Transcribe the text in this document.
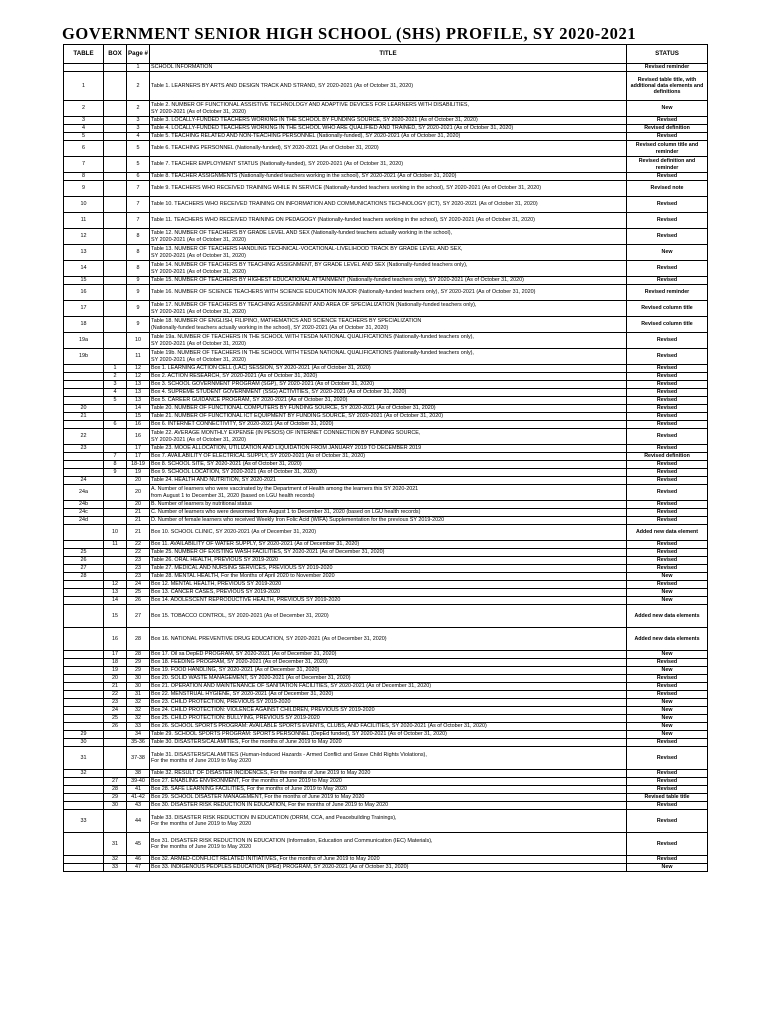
GOVERNMENT SENIOR HIGH SCHOOL (SHS) PROFILE, SY 2020-2021
TABLE	BOX	Page #	TITLE	STATUS
		1	SCHOOL INFORMATION	Revised reminder
1		2	Table 1. LEARNERS BY ARTS AND DESIGN TRACK AND STRAND, SY 2020-2021 (As of October 31, 2020)	Revised table title, with additional data elements and definitions
2		2	Table 2. NUMBER OF FUNCTIONAL ASSISTIVE TECHNOLOGY AND ADAPTIVE DEVICES FOR LEARNERS WITH DISABILITIES,
SY 2020-2021 (As of October 31, 2020)	New
3		3	Table 3. LOCALLY-FUNDED TEACHERS WORKING IN THE SCHOOL BY FUNDING SOURCE, SY 2020-2021 (As of October 31, 2020)	Revised
4		3	Table 4. LOCALLY-FUNDED TEACHERS WORKING IN THE SCHOOL WHO ARE QUALIFIED AND TRAINED, SY 2020-2021 (As of October 31, 2020)	Revised definition
5		4	Table 5. TEACHING RELATED AND NON-TEACHING PERSONNEL (Nationally-funded), SY 2020-2021 (As of October 31, 2020)	Revised
6		5	Table 6. TEACHING PERSONNEL (Nationally-funded), SY 2020-2021 (As of October 31, 2020)	Revised column title and reminder
7		5	Table 7. TEACHER EMPLOYMENT STATUS (Nationally-funded), SY 2020-2021 (As of October 31, 2020)	Revised definition and reminder
8		6	Table 8. TEACHER ASSIGNMENTS (Nationally-funded teachers working in the school), SY 2020-2021 (As of October 31, 2020)	Revised
9		7	Table 9. TEACHERS WHO RECEIVED TRAINING WHILE IN SERVICE (Nationally-funded teachers working in the school), SY 2020-2021 (As of October 31, 2020)	Revised note
10		7	Table 10. TEACHERS WHO RECEIVED TRAINING ON INFORMATION AND COMMUNICATIONS TECHNOLOGY (ICT), SY 2020-2021 (As of October 31, 2020)	Revised
11		7	Table 11. TEACHERS WHO RECEIVED TRAINING ON PEDAGOGY (Nationally-funded teachers working in the school), SY 2020-2021 (As of October 31, 2020)	Revised
12		8	Table 12. NUMBER OF TEACHERS BY GRADE LEVEL AND SEX (Nationally-funded teachers actually working in the school),
SY 2020-2021 (As of October 31, 2020)	Revised
13		8	Table 13. NUMBER OF TEACHERS HANDLING TECHNICAL-VOCATIONAL-LIVELIHOOD TRACK BY GRADE LEVEL AND SEX,
SY 2020-2021 (As of October 31, 2020)	New
14		8	Table 14. NUMBER OF TEACHERS BY TEACHING ASSIGNMENT, BY GRADE LEVEL AND SEX (Nationally-funded teachers only),
SY 2020-2021 (As of October 31, 2020)	Revised
15		9	Table 15. NUMBER OF TEACHERS BY HIGHEST EDUCATIONAL ATTAINMENT (Nationally-funded teachers only), SY 2020-2021 (As of October 31, 2020)	Revised
16		9	Table 16. NUMBER OF SCIENCE TEACHERS WITH SCIENCE EDUCATION MAJOR (Nationally-funded teachers only), SY 2020-2021 (As of October 31, 2020)	Revised reminder
17		9	Table 17. NUMBER OF TEACHERS BY TEACHING ASSIGNMENT AND AREA OF SPECIALIZATION (Nationally-funded teachers only),
SY 2020-2021 (As of October 31, 2020)	Revised column title
18		9	Table 18. NUMBER OF ENGLISH, FILIPINO, MATHEMATICS AND SCIENCE TEACHERS BY SPECIALIZATION
(Nationally-funded teachers actually working in the school), SY 2020-2021 (As of October 31, 2020)	Revised column title
19a		10	Table 19a. NUMBER OF TEACHERS IN THE SCHOOL WITH TESDA NATIONAL QUALIFICATIONS (Nationally-funded teachers only),
SY 2020-2021 (As of October 31, 2020)	Revised
19b		11	Table 19b. NUMBER OF TEACHERS IN THE SCHOOL WITH TESDA NATIONAL QUALIFICATIONS (Nationally-funded teachers only),
SY 2020-2021 (As of October 31, 2020)	Revised
	1	12	Box 1. LEARNING ACTION CELL (LAC) SESSION, SY 2020-2021 (As of October 31, 2020)	Revised
	2	12	Box 2. ACTION RESEARCH, SY 2020-2021 (As of October 31, 2020)	Revised
	3	13	Box 3. SCHOOL GOVERNMENT PROGRAM (SGP), SY 2020-2021 (As of October 31, 2020)	Revised
	4	13	Box 4. SUPREME STUDENT GOVERNMENT (SSG) ACTIVITIES, SY 2020-2021 (As of October 31, 2020)	Revised
	5	13	Box 5. CAREER GUIDANCE PROGRAM, SY 2020-2021 (As of October 31, 2020)	Revised
20		14	Table 20. NUMBER OF FUNCTIONAL COMPUTERS BY FUNDING SOURCE, SY 2020-2021 (As of October 31, 2020)	Revised
21		15	Table 21. NUMBER OF FUNCTIONAL ICT EQUIPMENT BY FUNDING SOURCE, SY 2020-2021 (As of October 31, 2020)	Revised
	6	16	Box 6. INTERNET CONNECTIVITY, SY 2020-2021 (As of October 31, 2020)	Revised
22		16	Table 22. AVERAGE MONTHLY EXPENSE (IN PESOS) OF INTERNET CONNECTION BY FUNDING SOURCE,
SY 2020-2021 (As of October 31, 2020)	Revised
23		17	Table 23. MOOE ALLOCATION, UTILIZATION AND LIQUIDATION FROM JANUARY 2019 TO DECEMBER 2019	Revised
	7	17	Box 7. AVAILABILITY OF ELECTRICAL SUPPLY, SY 2020-2021 (As of October 31, 2020)	Revised definition
	8	18-19	Box 8. SCHOOL SITE, SY 2020-2021 (As of October 31, 2020)	Revised
	9	19	Box 9. SCHOOL LOCATION, SY 2020-2021 (As of October 31, 2020)	Revised
24		20	Table 24. HEALTH AND NUTRITION, SY 2020-2021	Revised
24a		20	A. Number of learners who were vaccinated by the Department of Health among the learners this SY 2020-2021
from August 1 to December 31, 2020 (based on LGU health records)	Revised
24b		20	B. Number of learners by nutritional status	Revised
24c		21	C. Number of learners who were dewormed from August 1 to December 31, 2020 (based on LGU health records)	Revised
24d		21	D. Number of female learners who received Weekly Iron Folic Acid (WIFA) Supplementation for the previous SY 2019-2020	Revised
	10	21	Box 10. SCHOOL CLINIC, SY 2020-2021 (As of December 31, 2020)	Added new data element
	11	22	Box 11. AVAILABILITY OF WATER SUPPLY, SY 2020-2021 (As of December 31, 2020)	Revised
25		22	Table 25. NUMBER OF EXISTING WASH FACILITIES, SY 2020-2021 (As of December 31, 2020)	Revised
26		23	Table 26. ORAL HEALTH, PREVIOUS SY 2019-2020	Revised
27		23	Table 27. MEDICAL AND NURSING SERVICES, PREVIOUS SY 2019-2020	Revised
28		23	Table 28. MENTAL HEALTH, For the Months of April 2020 to November 2020	New
	12	24	Box 12. MENTAL HEALTH, PREVIOUS SY 2019-2020	Revised
	13	25	Box 13. CANCER CASES, PREVIOUS SY 2019-2020	New
	14	26	Box 14. ADOLESCENT REPRODUCTIVE HEALTH, PREVIOUS SY 2019-2020	New
	15	27	Box 15. TOBACCO CONTROL, SY 2020-2021 (As of December 31, 2020)	Added new data elements
	16	28	Box 16. NATIONAL PREVENTIVE DRUG EDUCATION, SY 2020-2021 (As of December 31, 2020)	Added new data elements
	17	28	Box 17. Oil sa DepED PROGRAM, SY 2020-2021 (As of December 31, 2020)	New
	18	29	Box 18. FEEDING PROGRAM, SY 2020-2021 (As of December 31, 2020)	Revised
	19	29	Box 19. FOOD HANDLING, SY 2020-2021 (As of December 31, 2020)	New
	20	30	Box 20. SOLID WASTE MANAGEMENT, SY 2020-2021 (As of December 31, 2020)	Revised
	21	30	Box 21. OPERATION AND MAINTENANCE OF SANITATION FACILITIES, SY 2020-2021 (As of December 31, 2020)	Revised
	22	31	Box 22. MENSTRUAL HYGIENE, SY 2020-2021 (As of December 31, 2020)	Revised
	23	32	Box 23. CHILD PROTECTION, PREVIOUS SY 2019-2020	New
	24	32	Box 24. CHILD PROTECTION: VIOLENCE AGAINST CHILDREN, PREVIOUS SY 2019-2020	New
	25	32	Box 25. CHILD PROTECTION: BULLYING, PREVIOUS SY 2019-2020	New
	26	33	Box 26. SCHOOL SPORTS PROGRAM: AVAILABLE SPORTS EVENTS, CLUBS, AND FACILITIES, SY 2020-2021 (As of October 31, 2020)	New
29		34	Table 29. SCHOOL SPORTS PROGRAM: SPORTS PERSONNEL (DepEd funded), SY 2020-2021 (As of October 31, 2020)	New
30		35-36	Table 30. DISASTERS/CALAMITIES, For the months of June 2019 to May 2020	Revised
31		37-38	Table 31. DISASTERS/CALAMITIES (Human-Induced Hazards - Armed Conflict and Grave Child Rights Violations),
For the months of June 2019 to May 2020	Revised
32		38	Table 32. RESULT OF DISASTER INCIDENCES, For the months of June 2019 to May 2020	Revised
	27	39-40	Box 27. ENABLING ENVIRONMENT, For the months of June 2019 to May 2020	Revised
	28	41	Box 28. SAFE LEARNING FACILITIES, For the months of June 2019 to May 2020	Revised
	29	41-42	Box 29. SCHOOL DISASTER MANAGEMENT, For the months of June 2019 to May 2020	Revised table title
	30	43	Box 30. DISASTER RISK REDUCTION IN EDUCATION, For the months of June 2019 to May 2020	Revised
33		44	Table 33. DISASTER RISK REDUCTION IN EDUCATION (DRRM, CCA, and Peacebuilding Trainings),
For the months of June 2019 to May 2020	Revised
	31	45	Box 31. DISASTER RISK REDUCTION IN EDUCATION (Information, Education and Communication (IEC) Materials),
For the months of June 2019 to May 2020	Revised
	32	46	Box 32. ARMED-CONFLICT RELATED INITIATIVES, For the months of June 2019 to May 2020	Revised
	33	47	Box 33. INDIGENOUS PEOPLES EDUCATION (IPEd) PROGRAM, SY 2020-2021 (As of October 31, 2020)	New
